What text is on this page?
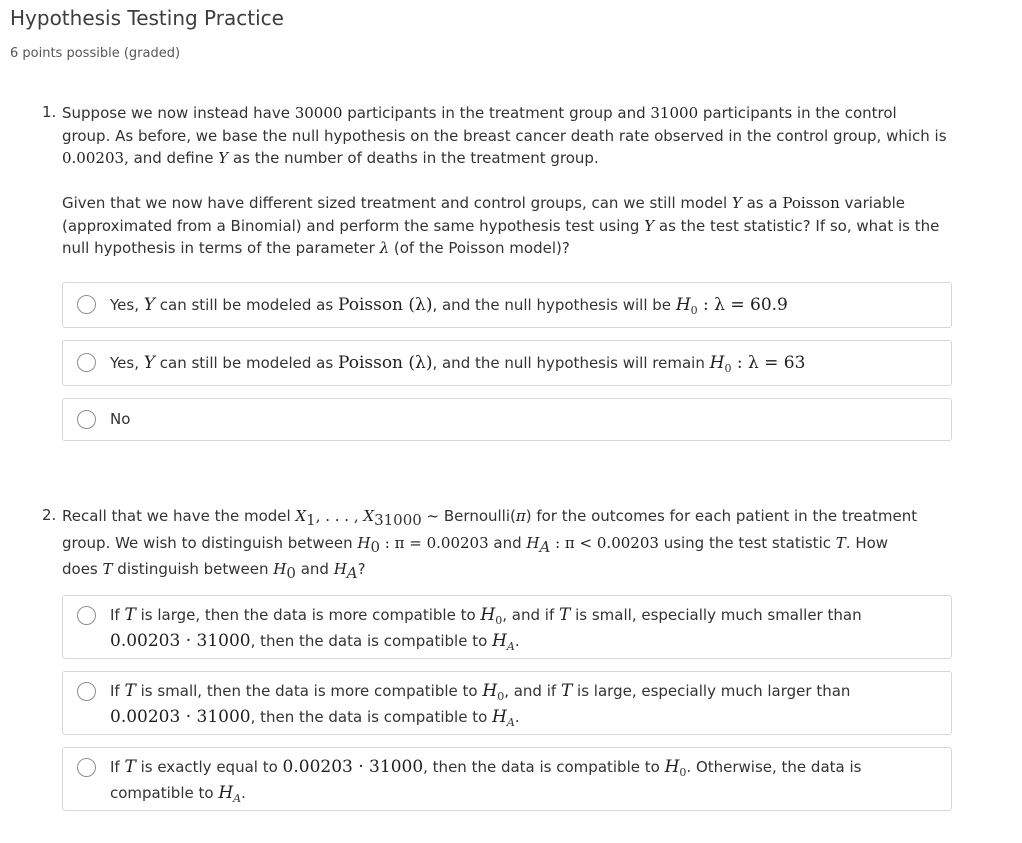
Hypothesis Testing Practice
6 points possible (graded)
1. Suppose we now instead have 30000 participants in the treatment group and 31000 participants in the control
group. As before, we base the null hypothesis on the breast cancer death rate observed in the control group, which is
0.00203, and define Y as the number of deaths in the treatment group.
Given that we now have different sized treatment and control groups, can we still model Y as a Poisson variable
(approximated from a Binomial) and perform the same hypothesis test using Y as the test statistic? If so, what is the
null hypothesis in terms of the parameter λ (of the Poisson model)?
Yes, Y can still be modeled as Poisson (λ), and the null hypothesis will be $H_0$ : λ = 60.9
Yes, Y can still be modeled as Poisson (λ), and the null hypothesis will remain $H_0$ : λ = 63
No
2. Recall that we have the model X1, . . . , X31000 ~ Bernoulli(π) for the outcomes for each patient in the treatment
group. We wish to distinguish between H0 : π = 0.00203 and HA : π < 0.00203 using the test statistic T. How
does T distinguish between H0 and HA?
If T is large, then the data is more compatible to $H_0$, and if T is small, especially much smaller than
0.00203 · 31000, then the data is compatible to $H_A$.
If T is small, then the data is more compatible to $H_0$, and if T is large, especially much larger than
0.00203 · 31000, then the data is compatible to $H_A$.
If T is exactly equal to 0.00203 · 31000, then the data is compatible to $H_0$. Otherwise, the data is
compatible to $H_A$.
